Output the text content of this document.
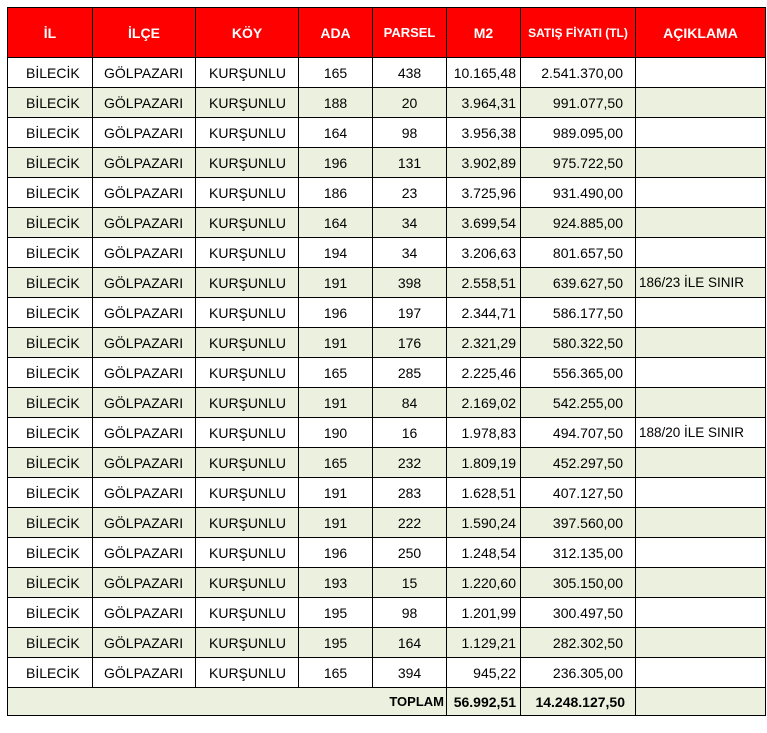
İL	İLÇE	KÖY	ADA	PARSEL	M2	SATIŞ FİYATI (TL)	AÇIKLAMA
BİLECİK	GÖLPAZARI	KURŞUNLU	165	438	10.165,48	2.541.370,00	
BİLECİK	GÖLPAZARI	KURŞUNLU	188	20	3.964,31	991.077,50	
BİLECİK	GÖLPAZARI	KURŞUNLU	164	98	3.956,38	989.095,00	
BİLECİK	GÖLPAZARI	KURŞUNLU	196	131	3.902,89	975.722,50	
BİLECİK	GÖLPAZARI	KURŞUNLU	186	23	3.725,96	931.490,00	
BİLECİK	GÖLPAZARI	KURŞUNLU	164	34	3.699,54	924.885,00	
BİLECİK	GÖLPAZARI	KURŞUNLU	194	34	3.206,63	801.657,50	
BİLECİK	GÖLPAZARI	KURŞUNLU	191	398	2.558,51	639.627,50	186/23 İLE SINIR
BİLECİK	GÖLPAZARI	KURŞUNLU	196	197	2.344,71	586.177,50	
BİLECİK	GÖLPAZARI	KURŞUNLU	191	176	2.321,29	580.322,50	
BİLECİK	GÖLPAZARI	KURŞUNLU	165	285	2.225,46	556.365,00	
BİLECİK	GÖLPAZARI	KURŞUNLU	191	84	2.169,02	542.255,00	
BİLECİK	GÖLPAZARI	KURŞUNLU	190	16	1.978,83	494.707,50	188/20 İLE SINIR
BİLECİK	GÖLPAZARI	KURŞUNLU	165	232	1.809,19	452.297,50	
BİLECİK	GÖLPAZARI	KURŞUNLU	191	283	1.628,51	407.127,50	
BİLECİK	GÖLPAZARI	KURŞUNLU	191	222	1.590,24	397.560,00	
BİLECİK	GÖLPAZARI	KURŞUNLU	196	250	1.248,54	312.135,00	
BİLECİK	GÖLPAZARI	KURŞUNLU	193	15	1.220,60	305.150,00	
BİLECİK	GÖLPAZARI	KURŞUNLU	195	98	1.201,99	300.497,50	
BİLECİK	GÖLPAZARI	KURŞUNLU	195	164	1.129,21	282.302,50	
BİLECİK	GÖLPAZARI	KURŞUNLU	165	394	945,22	236.305,00	
TOPLAM					56.992,51	14.248.127,50	
